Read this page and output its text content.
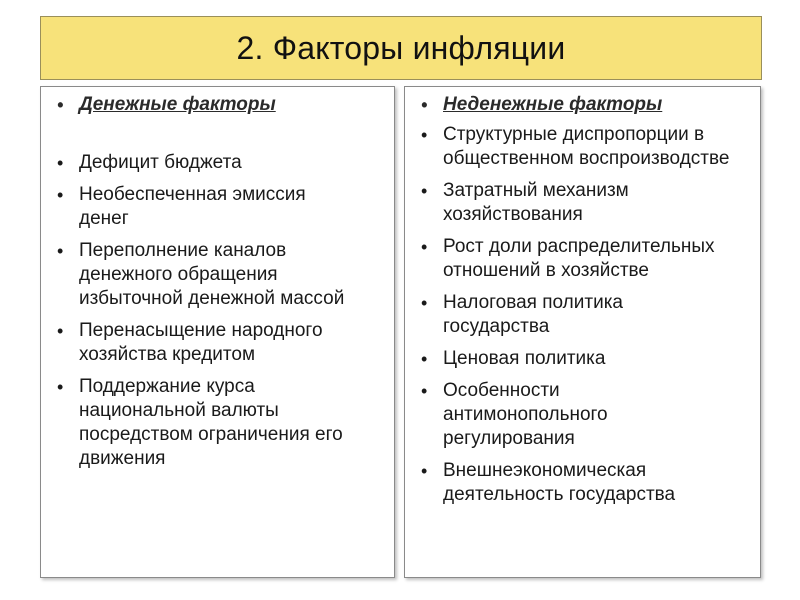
2. Факторы инфляции
• Денежные факторы
• Дефицит бюджета
• Необеспеченная эмиссия денег
• Переполнение каналов денежного обращения избыточной денежной массой
• Перенасыщение народного хозяйства кредитом
• Поддержание курса национальной валюты посредством ограничения его движения
• Неденежные факторы
• Структурные диспропорции в общественном воспроизводстве
• Затратный механизм хозяйствования
• Рост доли распределительных отношений в хозяйстве
• Налоговая политика государства
• Ценовая политика
• Особенности антимонопольного регулирования
• Внешнеэкономическая деятельность государства
